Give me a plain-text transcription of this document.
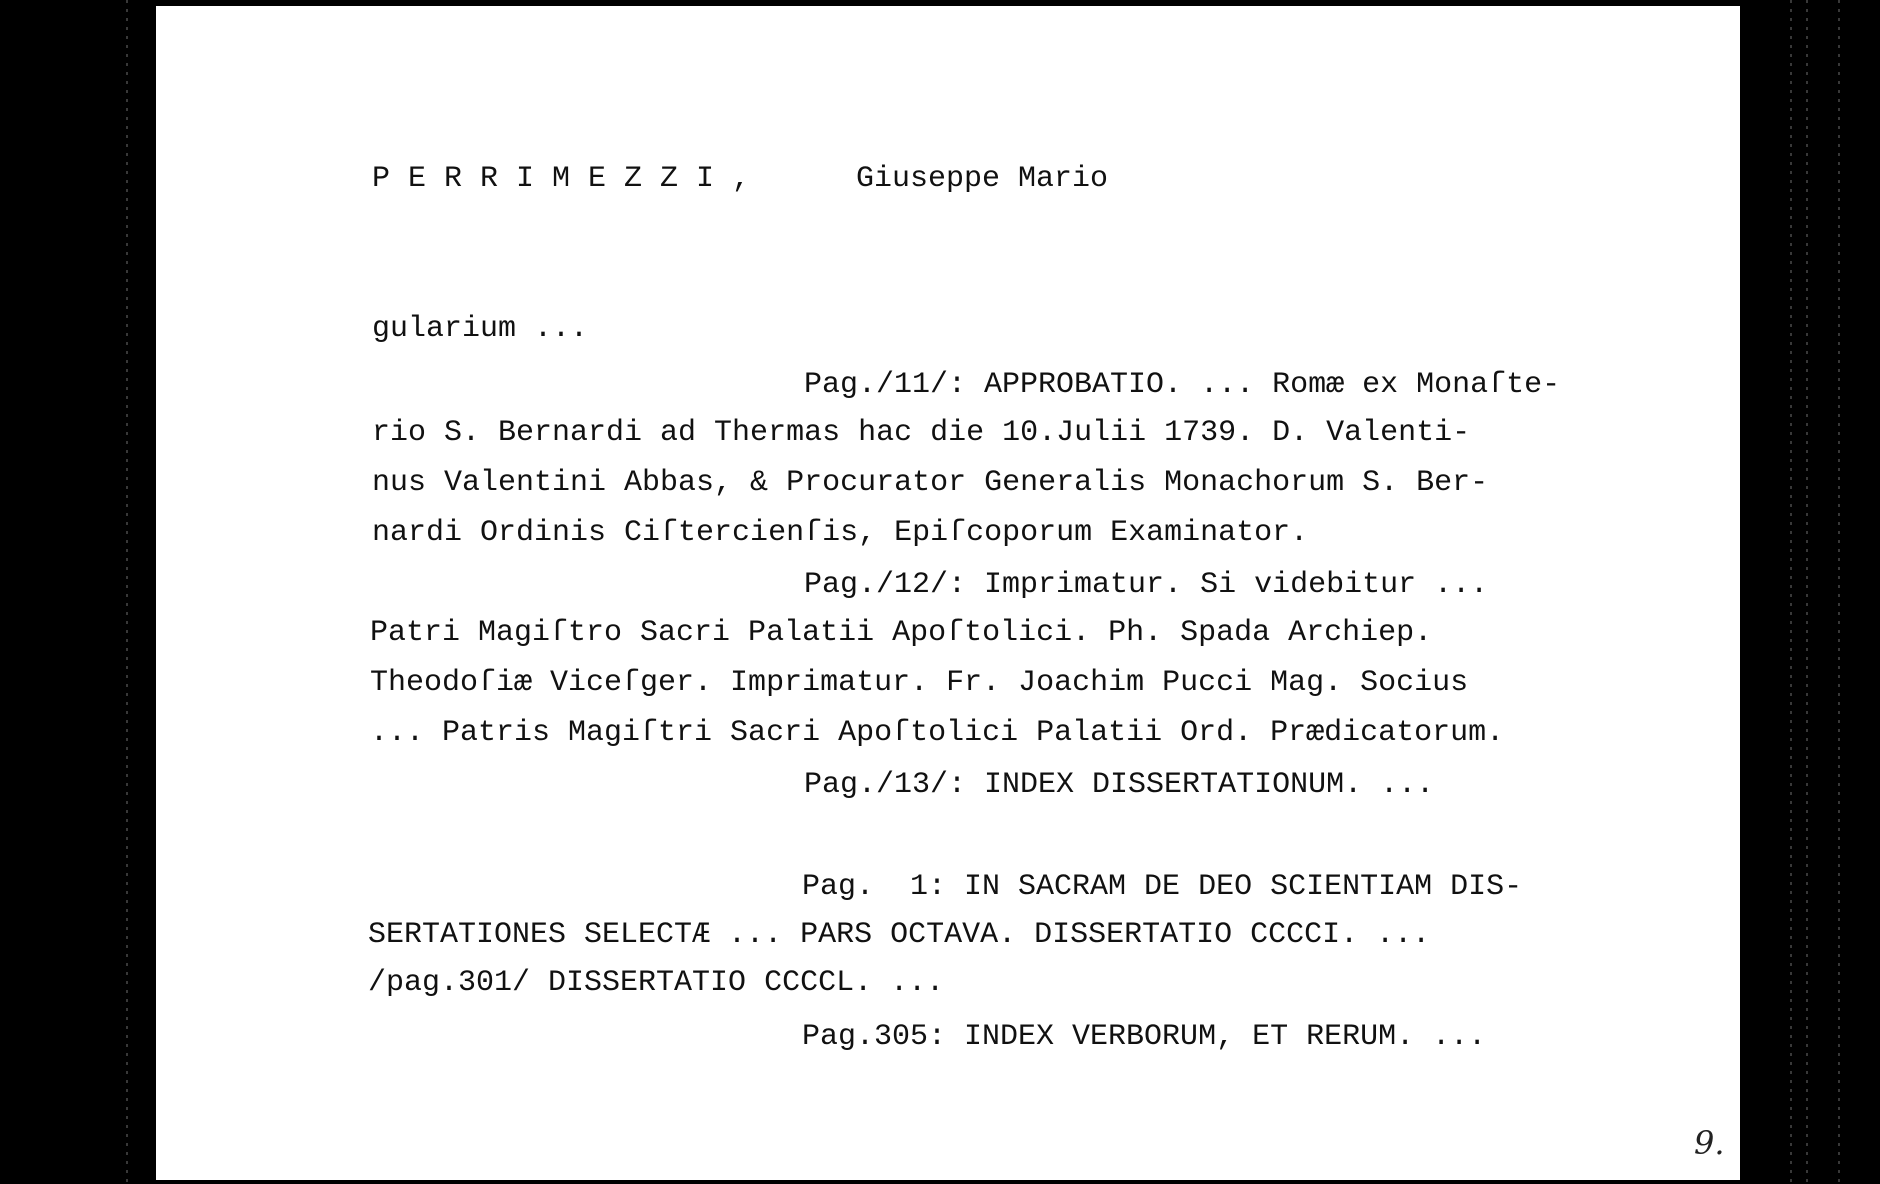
P E R R I M E Z Z I ,	Giuseppe Mario
gularium ...
Pag./11/: APPROBATIO. ... Romæ ex Monaſte-
rio S. Bernardi ad Thermas hac die 10.Julii 1739. D. Valenti-
nus Valentini Abbas, & Procurator Generalis Monachorum S. Ber-
nardi Ordinis Ciſtercienſis, Epiſcoporum Examinator.
Pag./12/: Imprimatur. Si videbitur ...
Patri Magiſtro Sacri Palatii Apoſtolici. Ph. Spada Archiep.
Theodoſiæ Viceſger. Imprimatur. Fr. Joachim Pucci Mag. Socius
... Patris Magiſtri Sacri Apoſtolici Palatii Ord. Prædicatorum.
Pag./13/: INDEX DISSERTATIONUM. ...
Pag.  1: IN SACRAM DE DEO SCIENTIAM DIS-
SERTATIONES SELECTÆ ... PARS OCTAVA. DISSERTATIO CCCCI. ...
/pag.301/ DISSERTATIO CCCCL. ...
Pag.305: INDEX VERBORUM, ET RERUM. ...
9.
